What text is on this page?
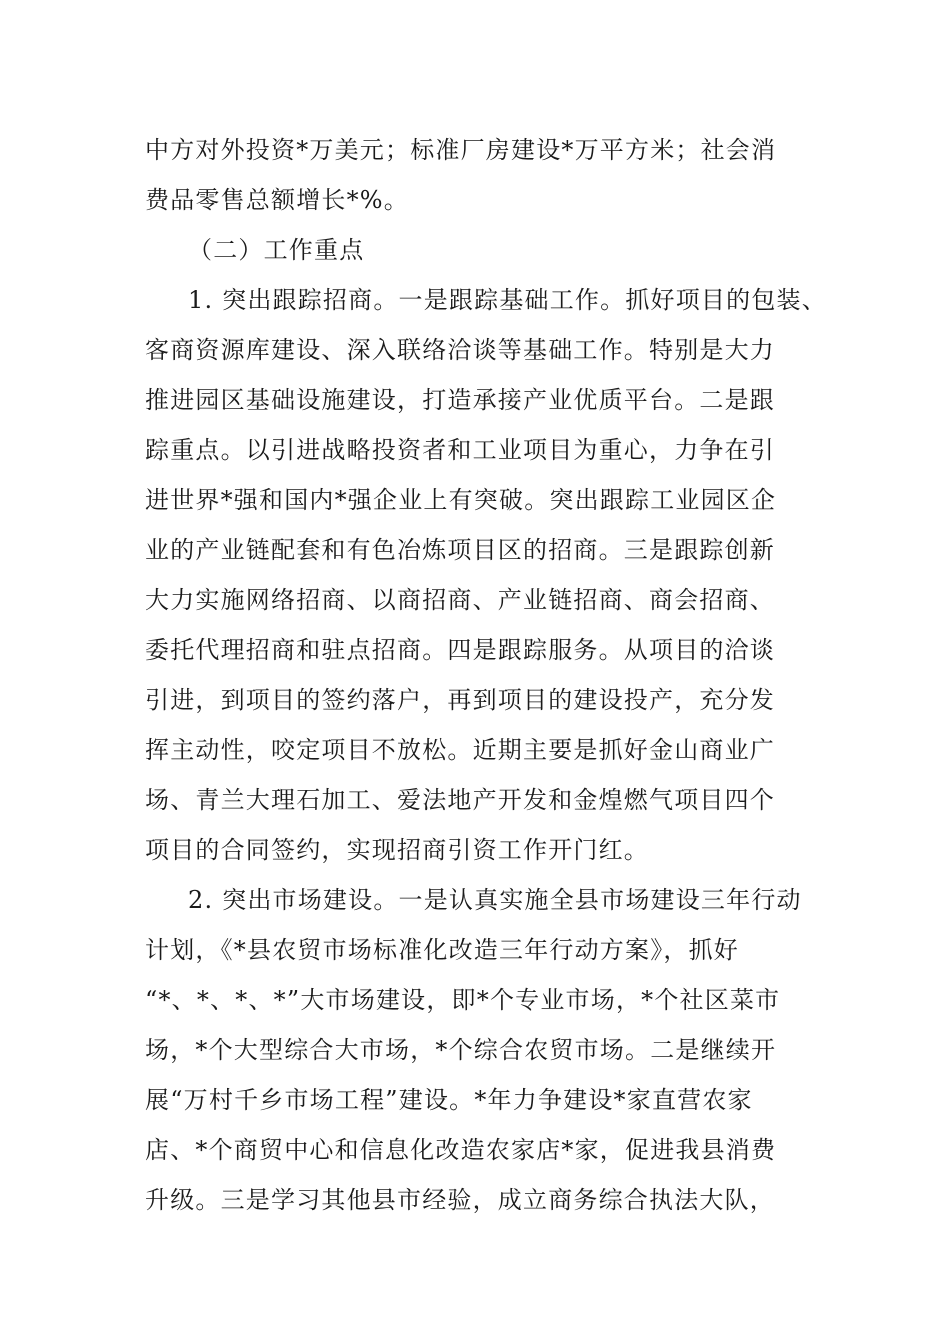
中方对外投资*万美元；标准厂房建设*万平方米；社会消
费品零售总额增长*%。
（二）工作重点
1. 突出跟踪招商。一是跟踪基础工作。抓好项目的包装、
客商资源库建设、深入联络洽谈等基础工作。特别是大力
推进园区基础设施建设，打造承接产业优质平台。二是跟
踪重点。以引进战略投资者和工业项目为重心，力争在引
进世界*强和国内*强企业上有突破。突出跟踪工业园区企
业的产业链配套和有色冶炼项目区的招商。三是跟踪创新
大力实施网络招商、以商招商、产业链招商、商会招商、
委托代理招商和驻点招商。四是跟踪服务。从项目的洽谈
引进，到项目的签约落户，再到项目的建设投产，充分发
挥主动性，咬定项目不放松。近期主要是抓好金山商业广
场、青兰大理石加工、爱法地产开发和金煌燃气项目四个
项目的合同签约，实现招商引资工作开门红。
2. 突出市场建设。一是认真实施全县市场建设三年行动
计划，《*县农贸市场标准化改造三年行动方案》，抓好
“*、*、*、*”大市场建设，即*个专业市场，*个社区菜市
场，*个大型综合大市场，*个综合农贸市场。二是继续开
展“万村千乡市场工程”建设。*年力争建设*家直营农家
店、*个商贸中心和信息化改造农家店*家，促进我县消费
升级。三是学习其他县市经验，成立商务综合执法大队，
